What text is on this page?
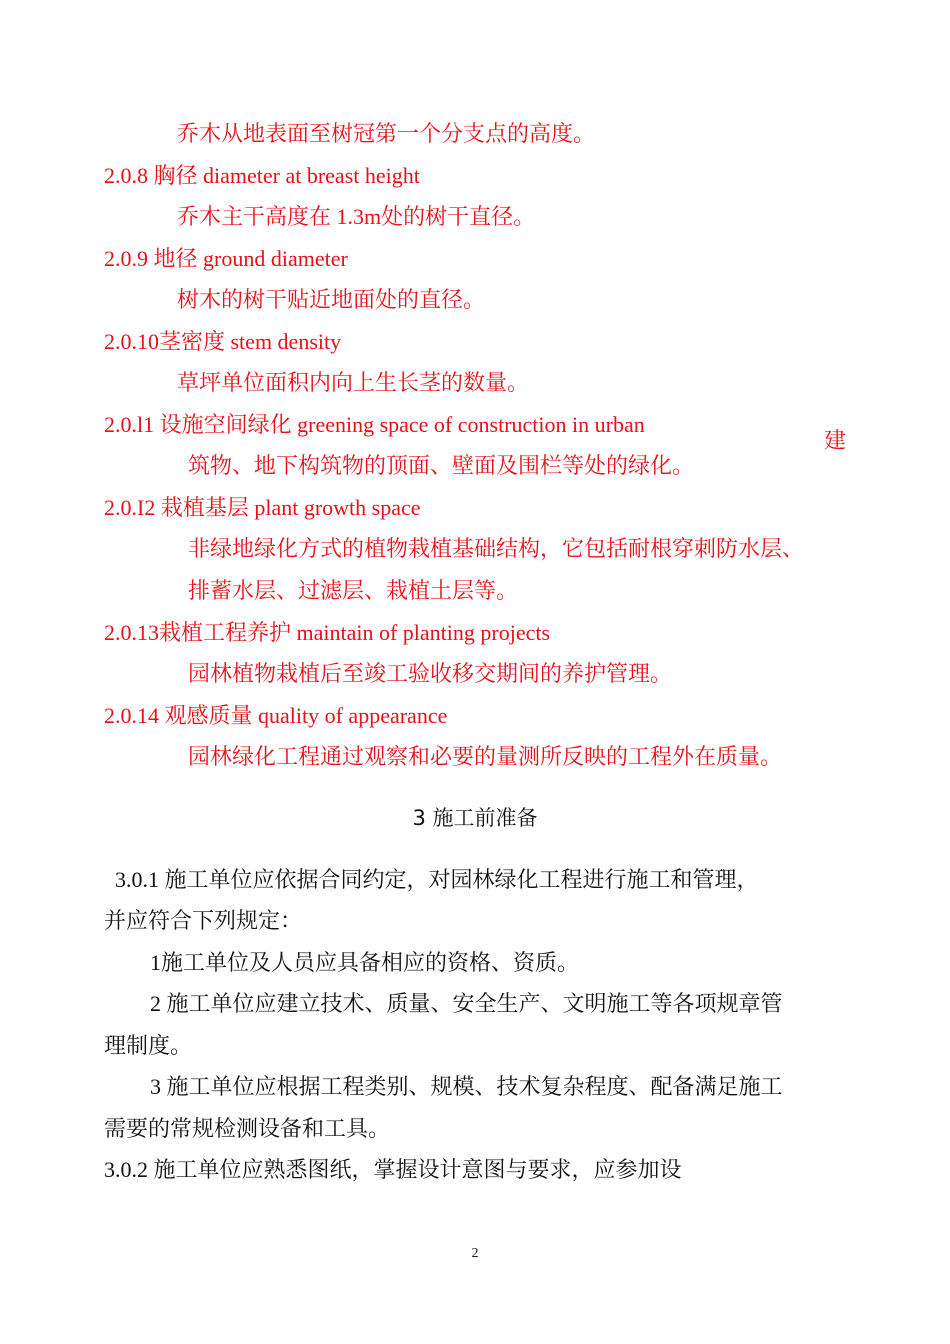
乔木从地表面至树冠第一个分支点的高度。
2.0.8 胸径 diameter at breast height
乔木主干高度在 1.3m处的树干直径。
2.0.9 地径 ground diameter
树木的树干贴近地面处的直径。
2.0.10茎密度 stem density
草坪单位面积内向上生长茎的数量。
2.0.l1 设施空间绿化 greening space of construction in urban
建
筑物、地下构筑物的顶面、壁面及围栏等处的绿化。
2.0.I2 栽植基层 plant growth space
非绿地绿化方式的植物栽植基础结构，它包括耐根穿刺防水层、
排蓄水层、过滤层、栽植土层等。
2.0.13栽植工程养护 maintain of planting projects
园林植物栽植后至竣工验收移交期间的养护管理。
2.0.14 观感质量 quality of appearance
园林绿化工程通过观察和必要的量测所反映的工程外在质量。
3 施工前准备
3.0.1 施工单位应依据合同约定，对园林绿化工程进行施工和管理，
并应符合下列规定：
1施工单位及人员应具备相应的资格、资质。
2 施工单位应建立技术、质量、安全生产、文明施工等各项规章管
理制度。
3 施工单位应根据工程类别、规模、技术复杂程度、配备满足施工
需要的常规检测设备和工具。
3.0.2 施工单位应熟悉图纸，掌握设计意图与要求，应参加设
2
